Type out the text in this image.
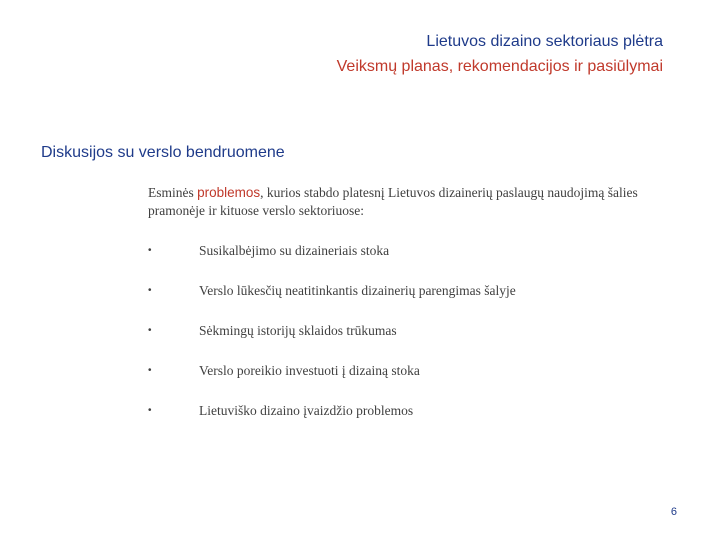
Lietuvos dizaino sektoriaus plėtra
Veiksmų planas, rekomendacijos ir pasiūlymai
Diskusijos su verslo bendruomene
Esminės problemos, kurios stabdo platesnį Lietuvos dizainerių paslaugų naudojimą šalies pramonėje ir kituose verslo sektoriuose:
•	Susikalbėjimo su dizaineriais stoka
•	Verslo lūkesčių neatitinkantis dizainerių parengimas šalyje
•	Sėkmingų istorijų sklaidos trūkumas
•	Verslo poreikio investuoti į dizainą stoka
•	Lietuviško dizaino įvaizdžio problemos
6
